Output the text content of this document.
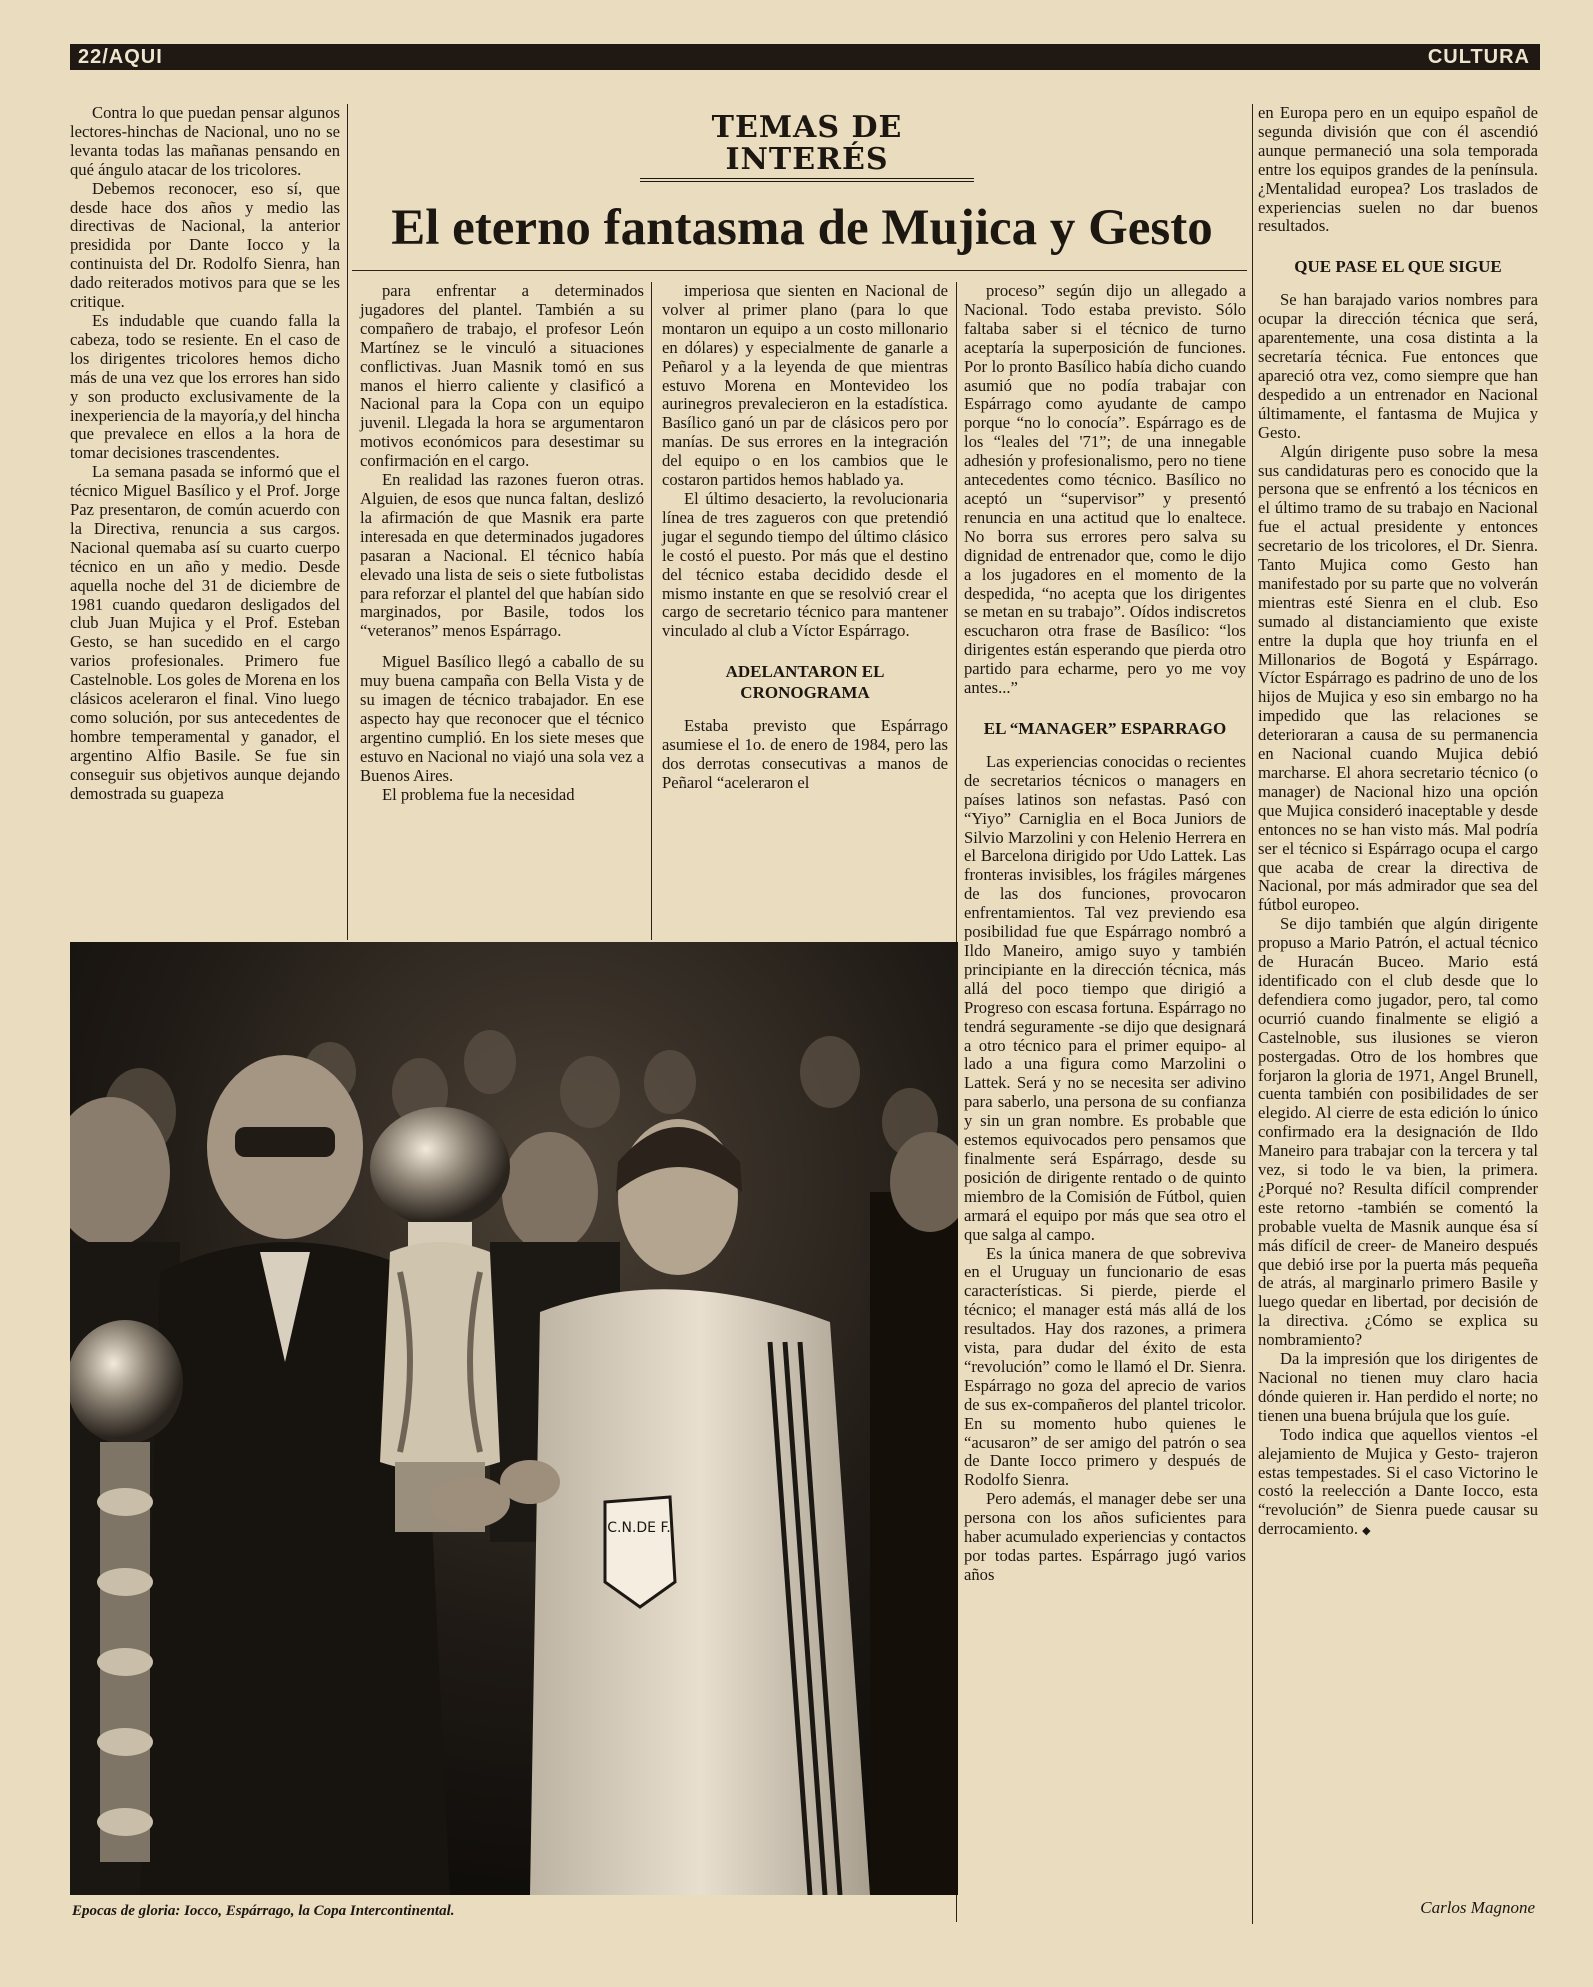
22/AQUI	CULTURA
TEMAS DE INTERÉS
El eterno fantasma de Mujica y Gesto

Contra lo que puedan pensar algunos lectores-hinchas de Nacional, uno no se levanta todas las mañanas pensando en qué ángulo atacar de los tricolores.

Debemos reconocer, eso sí, que desde hace dos años y medio las directivas de Nacional, la anterior presidida por Dante Iocco y la continuista del Dr. Rodolfo Sienra, han dado reiterados motivos para que se les critique.

Es indudable que cuando falla la cabeza, todo se resiente. En el caso de los dirigentes tricolores hemos dicho más de una vez que los errores han sido y son producto exclusivamente de la inexperiencia de la mayoría,y del hincha que prevalece en ellos a la hora de tomar decisiones trascendentes.

La semana pasada se informó que el técnico Miguel Basílico y el Prof. Jorge Paz presentaron, de común acuerdo con la Directiva, renuncia a sus cargos. Nacional quemaba así su cuarto cuerpo técnico en un año y medio. Desde aquella noche del 31 de diciembre de 1981 cuando quedaron desligados del club Juan Mujica y el Prof. Esteban Gesto, se han sucedido en el cargo varios profesionales. Primero fue Castelnoble. Los goles de Morena en los clásicos aceleraron el final. Vino luego como solución, por sus antecedentes de hombre temperamental y ganador, el argentino Alfio Basile. Se fue sin conseguir sus objetivos aunque dejando demostrada su guapeza

para enfrentar a determinados jugadores del plantel. También a su compañero de trabajo, el profesor León Martínez se le vinculó a situaciones conflictivas. Juan Masnik tomó en sus manos el hierro caliente y clasificó a Nacional para la Copa con un equipo juvenil. Llegada la hora se argumentaron motivos económicos para desestimar su confirmación en el cargo.

En realidad las razones fueron otras. Alguien, de esos que nunca faltan, deslizó la afirmación de que Masnik era parte interesada en que determinados jugadores pasaran a Nacional. El técnico había elevado una lista de seis o siete futbolistas para reforzar el plantel del que habían sido marginados, por Basile, todos los “veteranos” menos Espárrago.

Miguel Basílico llegó a caballo de su muy buena campaña con Bella Vista y de su imagen de técnico trabajador. En ese aspecto hay que reconocer que el técnico argentino cumplió. En los siete meses que estuvo en Nacional no viajó una sola vez a Buenos Aires.

El problema fue la necesidad

imperiosa que sienten en Nacional de volver al primer plano (para lo que montaron un equipo a un costo millonario en dólares) y especialmente de ganarle a Peñarol y a la leyenda de que mientras estuvo Morena en Montevideo los aurinegros prevalecieron en la estadística. Basílico ganó un par de clásicos pero por manías. De sus errores en la integración del equipo o en los cambios que le costaron partidos hemos hablado ya.

El último desacierto, la revolucionaria línea de tres zagueros con que pretendió jugar el segundo tiempo del último clásico le costó el puesto. Por más que el destino del técnico estaba decidido desde el mismo instante en que se resolvió crear el cargo de secretario técnico para mantener vinculado al club a Víctor Espárrago.

ADELANTARON EL CRONOGRAMA

Estaba previsto que Espárrago asumiese el 1o. de enero de 1984, pero las dos derrotas consecutivas a manos de Peñarol “aceleraron el

proceso” según dijo un allegado a Nacional. Todo estaba previsto. Sólo faltaba saber si el técnico de turno aceptaría la superposición de funciones. Por lo pronto Basílico había dicho cuando asumió que no podía trabajar con Espárrago como ayudante de campo porque “no lo conocía”. Espárrago es de los “leales del '71”; de una innegable adhesión y profesionalismo, pero no tiene antecedentes como técnico. Basílico no aceptó un “supervisor” y presentó renuncia en una actitud que lo enaltece. No borra sus errores pero salva su dignidad de entrenador que, como le dijo a los jugadores en el momento de la despedida, “no acepta que los dirigentes se metan en su trabajo”. Oídos indiscretos escucharon otra frase de Basílico: “los dirigentes están esperando que pierda otro partido para echarme, pero yo me voy antes...”

EL “MANAGER” ESPARRAGO

Las experiencias conocidas o recientes de secretarios técnicos o managers en países latinos son nefastas. Pasó con “Yiyo” Carniglia en el Boca Juniors de Silvio Marzolini y con Helenio Herrera en el Barcelona dirigido por Udo Lattek. Las fronteras invisibles, los frágiles márgenes de las dos funciones, provocaron enfrentamientos. Tal vez previendo esa posibilidad fue que Espárrago nombró a Ildo Maneiro, amigo suyo y también principiante en la dirección técnica, más allá del poco tiempo que dirigió a Progreso con escasa fortuna. Espárrago no tendrá seguramente -se dijo que designará a otro técnico para el primer equipo- al lado a una figura como Marzolini o Lattek. Será y no se necesita ser adivino para saberlo, una persona de su confianza y sin un gran nombre. Es probable que estemos equivocados pero pensamos que finalmente será Espárrago, desde su posición de dirigente rentado o de quinto miembro de la Comisión de Fútbol, quien armará el equipo por más que sea otro el que salga al campo.

Es la única manera de que sobreviva en el Uruguay un funcionario de esas características. Si pierde, pierde el técnico; el manager está más allá de los resultados. Hay dos razones, a primera vista, para dudar del éxito de esta “revolución” como le llamó el Dr. Sienra. Espárrago no goza del aprecio de varios de sus ex-compañeros del plantel tricolor. En su momento hubo quienes le “acusaron” de ser amigo del patrón o sea de Dante Iocco primero y después de Rodolfo Sienra.

Pero además, el manager debe ser una persona con los años suficientes para haber acumulado experiencias y contactos por todas partes. Espárrago jugó varios años

en Europa pero en un equipo español de segunda división que con él ascendió aunque permaneció una sola temporada entre los equipos grandes de la península. ¿Mentalidad europea? Los traslados de experiencias suelen no dar buenos resultados.

QUE PASE EL QUE SIGUE

Se han barajado varios nombres para ocupar la dirección técnica que será, aparentemente, una cosa distinta a la secretaría técnica. Fue entonces que apareció otra vez, como siempre que han despedido a un entrenador en Nacional últimamente, el fantasma de Mujica y Gesto.

Algún dirigente puso sobre la mesa sus candidaturas pero es conocido que la persona que se enfrentó a los técnicos en el último tramo de su trabajo en Nacional fue el actual presidente y entonces secretario de los tricolores, el Dr. Sienra. Tanto Mujica como Gesto han manifestado por su parte que no volverán mientras esté Sienra en el club. Eso sumado al distanciamiento que existe entre la dupla que hoy triunfa en el Millonarios de Bogotá y Espárrago. Víctor Espárrago es padrino de uno de los hijos de Mujica y eso sin embargo no ha impedido que las relaciones se deterioraran a causa de su permanencia en Nacional cuando Mujica debió marcharse. El ahora secretario técnico (o manager) de Nacional hizo una opción que Mujica consideró inaceptable y desde entonces no se han visto más. Mal podría ser el técnico si Espárrago ocupa el cargo que acaba de crear la directiva de Nacional, por más admirador que sea del fútbol europeo.

Se dijo también que algún dirigente propuso a Mario Patrón, el actual técnico de Huracán Buceo. Mario está identificado con el club desde que lo defendiera como jugador, pero, tal como ocurrió cuando finalmente se eligió a Castelnoble, sus ilusiones se vieron postergadas. Otro de los hombres que forjaron la gloria de 1971, Angel Brunell, cuenta también con posibilidades de ser elegido. Al cierre de esta edición lo único confirmado era la designación de Ildo Maneiro para trabajar con la tercera y tal vez, si todo le va bien, la primera. ¿Porqué no? Resulta difícil comprender este retorno -también se comentó la probable vuelta de Masnik aunque ésa sí más difícil de creer- de Maneiro después que debió irse por la puerta más pequeña de atrás, al marginarlo primero Basile y luego quedar en libertad, por decisión de la directiva. ¿Cómo se explica su nombramiento?

Da la impresión que los dirigentes de Nacional no tienen muy claro hacia dónde quieren ir. Han perdido el norte; no tienen una buena brújula que los guíe.

Todo indica que aquellos vientos -el alejamiento de Mujica y Gesto- trajeron estas tempestades. Si el caso Victorino le costó la reelección a Dante Iocco, esta “revolución” de Sienra puede causar su derrocamiento. ◆

C.N.DE F.
Epocas de gloria: Iocco, Espárrago, la Copa Intercontinental.	Carlos Magnone
